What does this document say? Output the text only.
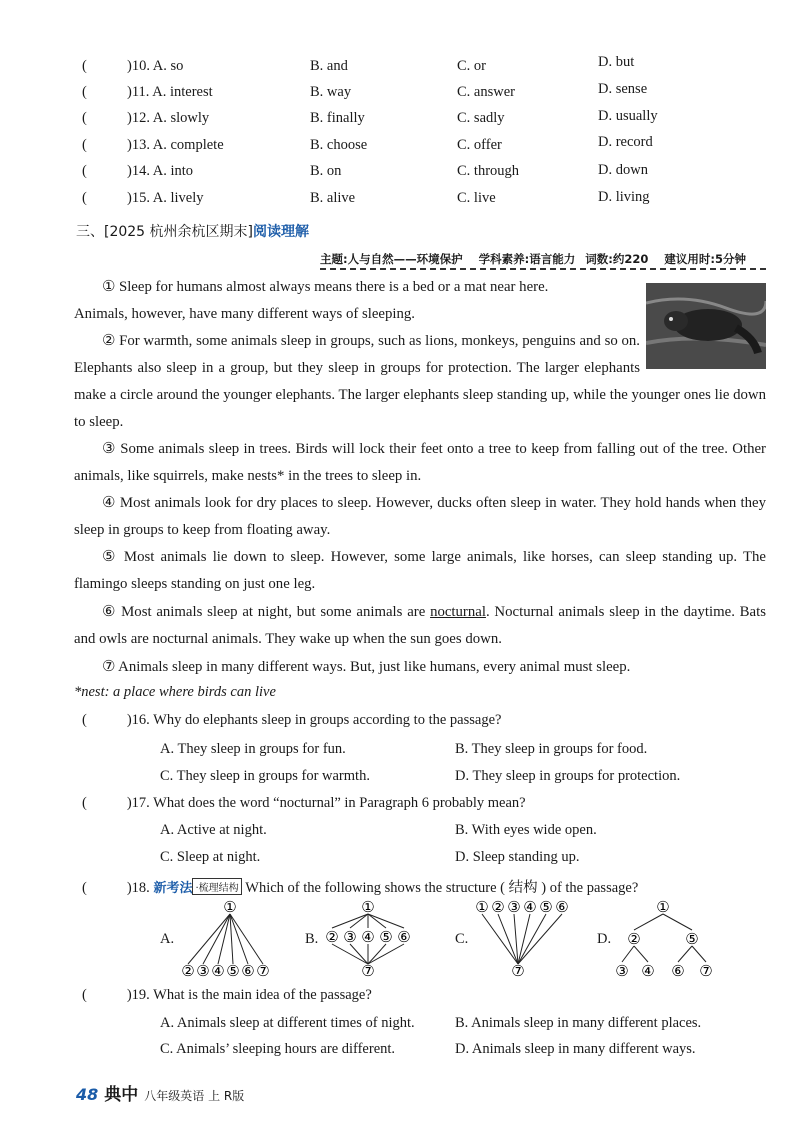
(	)10. A. so	B. and	C. or	D. but
(	)11. A. interest	B. way	C. answer	D. sense
(	)12. A. slowly	B. finally	C. sadly	D. usually
(	)13. A. complete	B. choose	C. offer	D. record
(	)14. A. into	B. on	C. through	D. down
(	)15. A. lively	B. alive	C. live	D. living
三、[2025 杭州余杭区期末]阅读理解
主题:人与自然——环境保护 学科素养:语言能力 词数:约220 建议用时:5分钟
① Sleep for humans almost always means there is a bed or a mat near here.
Animals, however, have many different ways of sleeping.
② For warmth, some animals sleep in groups, such as lions, monkeys, penguins and so on. Elephants also sleep in a group, but they sleep in groups for protection. The larger elephants make a circle around the younger elephants. The larger elephants sleep standing up, while the younger ones lie down to sleep.
③ Some animals sleep in trees. Birds will lock their feet onto a tree to keep from falling out of the tree. Other animals, like squirrels, make nests* in the trees to sleep in.
④ Most animals look for dry places to sleep. However, ducks often sleep in water. They hold hands when they sleep in groups to keep from floating away.
⑤ Most animals lie down to sleep. However, some large animals, like horses, can sleep standing up. The flamingo sleeps standing on just one leg.
⑥ Most animals sleep at night, but some animals are nocturnal. Nocturnal animals sleep in the daytime. Bats and owls are nocturnal animals. They wake up when the sun goes down.
⑦ Animals sleep in many different ways. But, just like humans, every animal must sleep.
*nest: a place where birds can live
(	)16. Why do elephants sleep in groups according to the passage?
A. They sleep in groups for fun.	B. They sleep in groups for food.
C. They sleep in groups for warmth.	D. They sleep in groups for protection.
(	)17. What does the word “nocturnal” in Paragraph 6 probably mean?
A. Active at night.	B. With eyes wide open.
C. Sleep at night.	D. Sleep standing up.
(	)18. 新考法 ·梳理结构 Which of the following shows the structure ( 结构 ) of the passage?
A.
①
② ③ ④ ⑤ ⑥ ⑦
B.
①
② ③ ④ ⑤ ⑥
⑦
C.
① ② ③ ④ ⑤ ⑥
⑦
D.
①
②	⑤
③ ④ ⑥ ⑦
(	)19. What is the main idea of the passage?
A. Animals sleep at different times of night.	B. Animals sleep in many different places.
C. Animals’ sleeping hours are different.	D. Animals sleep in many different ways.
48 典中 八年级英语 上 R版
